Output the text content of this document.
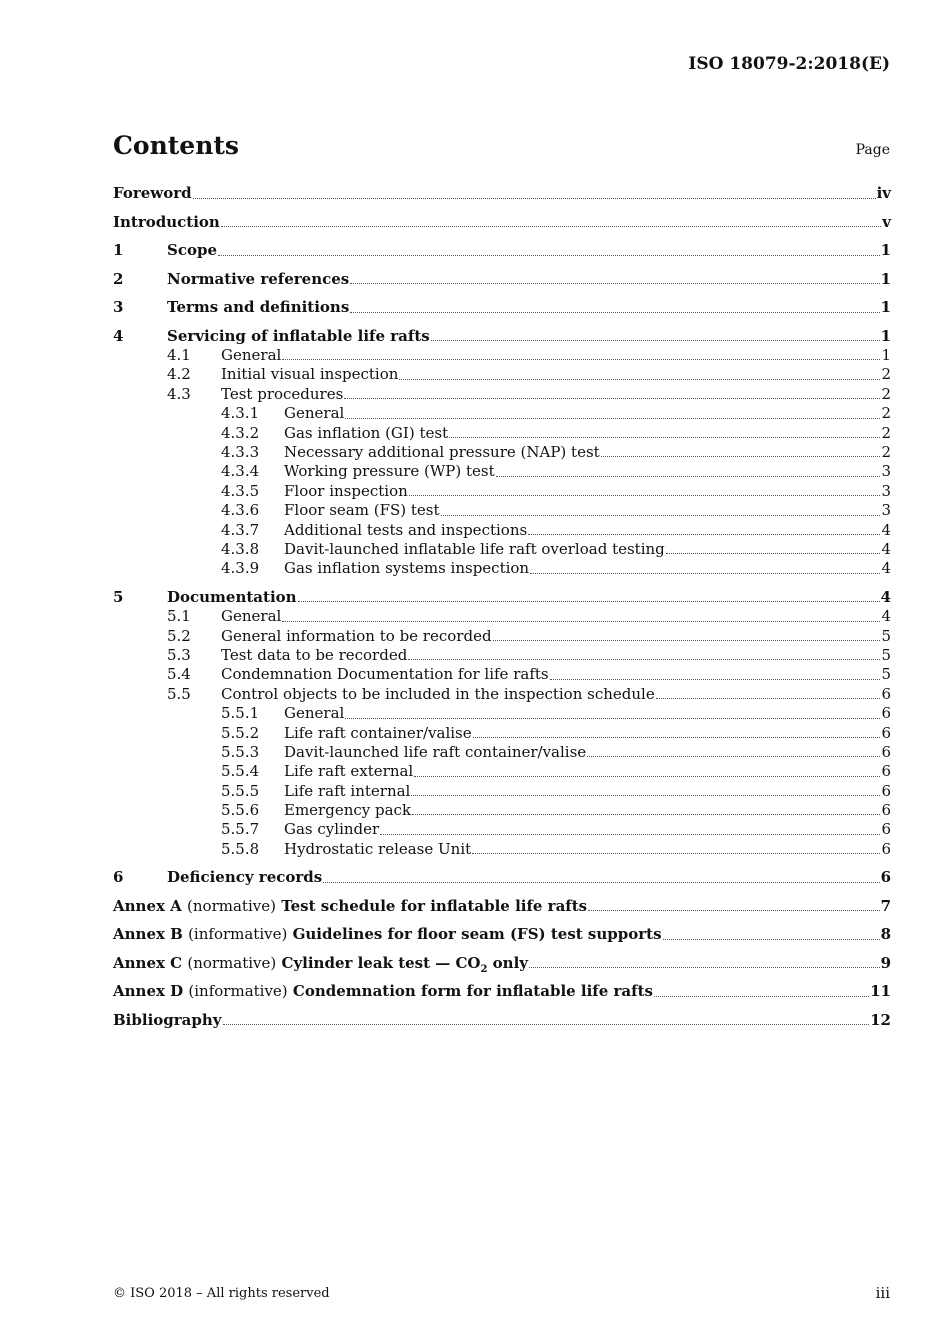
ISO 18079-2:2018(E)
Contents	Page
Foreword	iv
Introduction	v
1	Scope	1
2	Normative references	1
3	Terms and definitions	1
4	Servicing of inflatable life rafts	1
4.1	General	1
4.2	Initial visual inspection	2
4.3	Test procedures	2
4.3.1	General	2
4.3.2	Gas inflation (GI) test	2
4.3.3	Necessary additional pressure (NAP) test	2
4.3.4	Working pressure (WP) test	3
4.3.5	Floor inspection	3
4.3.6	Floor seam (FS) test	3
4.3.7	Additional tests and inspections	4
4.3.8	Davit-launched inflatable life raft overload testing	4
4.3.9	Gas inflation systems inspection	4
5	Documentation	4
5.1	General	4
5.2	General information to be recorded	5
5.3	Test data to be recorded	5
5.4	Condemnation Documentation for life rafts	5
5.5	Control objects to be included in the inspection schedule	6
5.5.1	General	6
5.5.2	Life raft container/valise	6
5.5.3	Davit-launched life raft container/valise	6
5.5.4	Life raft external	6
5.5.5	Life raft internal	6
5.5.6	Emergency pack	6
5.5.7	Gas cylinder	6
5.5.8	Hydrostatic release Unit	6
6	Deficiency records	6
Annex A (normative) Test schedule for inflatable life rafts	7
Annex B (informative) Guidelines for floor seam (FS) test supports	8
Annex C (normative) Cylinder leak test — $CO_2$ only	9
Annex D (informative) Condemnation form for inflatable life rafts	11
Bibliography	12
© ISO 2018 – All rights reserved	iii
